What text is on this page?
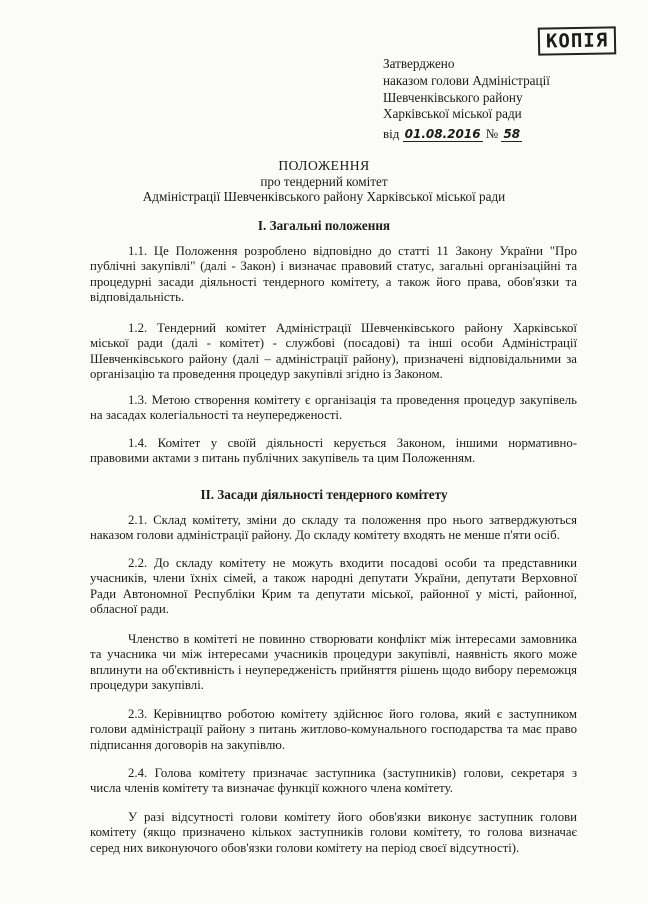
КОПІЯ
Затверджено
наказом голови Адміністрації
Шевченківського району
Харківської міської ради
від 01.08.2016 № 58
ПОЛОЖЕННЯ
про тендерний комітет
Адміністрації Шевченківського району Харківської міської ради
І. Загальні положення

1.1. Це Положення розроблено відповідно до статті 11 Закону України "Про публічні закупівлі" (далі - Закон) і визначає правовий статус, загальні організаційні та процедурні засади діяльності тендерного комітету, а також його права, обов'язки та відповідальність.

1.2. Тендерний комітет Адміністрації Шевченківського району Харківської міської ради (далі - комітет) - службові (посадові) та інші особи Адміністрації Шевченківського району (далі – адміністрації району), призначені відповідальними за організацію та проведення процедур закупівлі згідно із Законом.

1.3. Метою створення комітету є організація та проведення процедур закупівель на засадах колегіальності та неупередженості.

1.4. Комітет у своїй діяльності керується Законом, іншими нормативно-правовими актами з питань публічних закупівель та цим Положенням.

ІІ. Засади діяльності тендерного комітету

2.1. Склад комітету, зміни до складу та положення про нього затверджуються наказом голови адміністрації району. До складу комітету входять не менше п'яти осіб.

2.2. До складу комітету не можуть входити посадові особи та представники учасників, члени їхніх сімей, а також народні депутати України, депутати Верховної Ради Автономної Республіки Крим та депутати міської, районної у місті, районної, обласної ради.

Членство в комітеті не повинно створювати конфлікт між інтересами замовника та учасника чи між інтересами учасників процедури закупівлі, наявність якого може вплинути на об'єктивність і неупередженість прийняття рішень щодо вибору переможця процедури закупівлі.

2.3. Керівництво роботою комітету здійснює його голова, який є заступником голови адміністрації району з питань житлово-комунального господарства та має право підписання договорів на закупівлю.

2.4. Голова комітету призначає заступника (заступників) голови, секретаря з числа членів комітету та визначає функції кожного члена комітету.

У разі відсутності голови комітету його обов'язки виконує заступник голови комітету (якщо призначено кількох заступників голови комітету, то голова визначає серед них виконуючого обов'язки голови комітету на період своєї відсутності).
